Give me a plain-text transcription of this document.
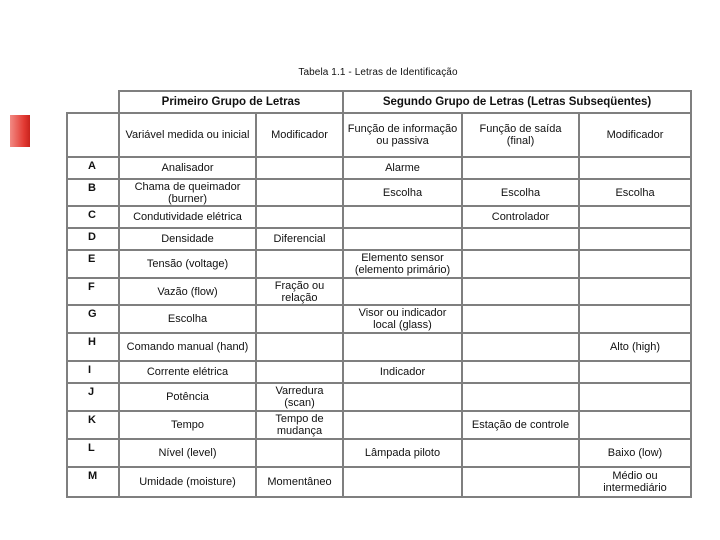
Tabela 1.1 - Letras de Identificação
	Primeiro Grupo de Letras		Segundo Grupo de Letras (Letras Subseqüentes)		
	Variável medida ou inicial	Modificador	Função de informação ou passiva	Função de saída (final)	Modificador
A	Analisador		Alarme		
B	Chama de queimador (burner)		Escolha	Escolha	Escolha
C	Condutividade elétrica			Controlador	
D	Densidade	Diferencial			
E	Tensão (voltage)		Elemento sensor (elemento primário)		
F	Vazão (flow)	Fração ou relação			
G	Escolha		Visor ou indicador local (glass)		
H	Comando manual (hand)				Alto (high)
I	Corrente elétrica		Indicador		
J	Potência	Varredura (scan)			
K	Tempo	Tempo de mudança		Estação de controle	
L	Nível (level)		Lâmpada piloto		Baixo (low)
M	Umidade (moisture)	Momentâneo			Médio ou intermediário
